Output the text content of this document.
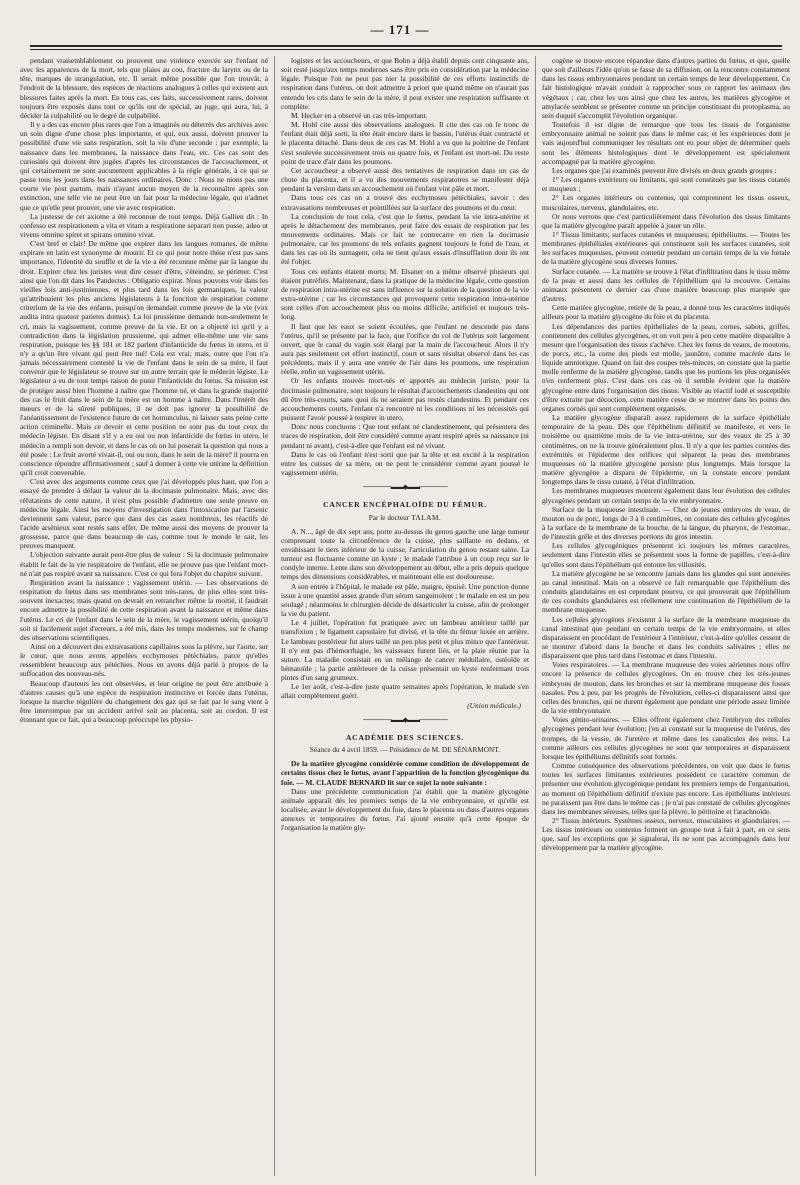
— 171 —

pendant vraisemblablement ou prouvent une violence exercée sur l'enfant né avec les apparences de la mort, tels que plaies au cou, fracture du larynx ou de la tête, marques de strangulation, etc. Il serait même possible que l'on trouvât, à l'endroit de la blessure, des espèces de réactions analogues à celles qui existent aux blessures faites après la mort. En tous cas, ces faits, successivement rares, doivent toujours être exposés dans tout ce qu'ils ont de spécial, au juge, qui aura, lui, à décider la culpabilité ou le degré de culpabilité.

Il y a des cas encore plus rares que l'on a imaginés ou déterrés des archives avec un soin digne d'une chose plus importante, et qui, eux aussi, doivent prouver la possibilité d'une vie sans respiration, soit la vie d'une seconde : par exemple, la naissance dans les membranes, la naissance dans l'eau, etc. Ces cas sont des curiosités qui doivent être jugées d'après les circonstances de l'accouchement, et qui certainement ne sont aucunement applicables à la règle générale, à ce qui se passe tous les jours dans les naissances ordinaires. Donc : Nous ne nions pas une courte vie post partum, mais n'ayant aucun moyen de la reconnaître après son extinction, une telle vie ne peut être un fait pour la médecine légale, qui n'admet que ce qu'elle peut prouver, une vie avec respiration.

La justesse de cet axiome a été reconnue de tout temps. Déjà Gallien dit : In confesso est respirationem a vita et vitam a respiratione separari non posse, adeo ut vivens omnino spiret et spirans omnino vivat.

C'est bref et clair! De même que expirer dans les langues romanes, de même expirare en latin est synonyme de mourir. Et ce qui pour notre thèse n'est pas sans importance, l'identité du souffle et de la vie a été reconnue même par la langue du droit. Expirer chez les juristes veut dire cesser d'être, s'éteindre, se périmer. C'est ainsi que l'on dit dans les Pandectes : Obligatio expirat. Nous pouvons voir dans les vieilles lois anti-justiniennes, et plus tard dans les lois germaniques, la valeur qu'attribuaient les plus anciens législateurs à la fonction de respiration comme criterium de la vie des enfants, puisqu'on demandait comme preuve de la vie (vox audita intra quatuor parietes domus). La loi prussienne demande non-seulement le cri, mais la vagissement, comme preuve de la vie. Et on a objecté ici qu'il y a contradiction dans la législation prussienne, qui admet elle-même une vie sans respiration, puisque les §§ 181 et 182 parlent d'infanticide du fœtus in utero, et il n'y a qu'un être vivant qui peut être tué! Cela est vrai; mais, outre que l'on n'a jamais nécessairement contesté la vie de l'enfant dans le sein de sa mère, il faut convenir que le législateur se trouve sur un autre terrain que le médecin légiste. Le législateur a eu de tout temps raison de punir l'infanticide du fœtus. Sa mission est de protéger aussi bien l'homme à naître que l'homme né, et dans la grande majorité des cas le fruit dans le sein de la mère est un homme à naître. Dans l'intérêt des mœurs et de la sûreté publiques, il ne doit pas ignorer la possibilité de l'anéantissement de l'existence future de cet homunculus, ni laisser sans peine cette action criminelle. Mais ce devoir et cette position ne sont pas du tout ceux du médecin légiste. En disant s'il y a eu oui ou non infanticide du fœtus in utero, le médecin a rempli son devoir, et dans le cas où on lui poserait la question qui nous a été posée : Le fruit avorté vivait-il, oui ou non, dans le sein de la mère? il pourra en conscience répondre affirmativement ; sauf à donner à cette vie utérine la définition qu'il croit convenable.

C'est avec des arguments comme ceux que j'ai développés plus haut, que l'on a essayé de prendre à défaut la valeur de la docimasie pulmonaire. Mais, avec des réfutations de cette nature, il n'est plus possible d'admettre une seule preuve en médecine légale. Ainsi les moyens d'investigation dans l'intoxication par l'arsenic deviennent sans valeur, parce que dans des cas assez nombreux, les réactifs de l'acide arsénieux sont restés sans effet. De même aussi des moyens de prouver la grossesse, parce que dans beaucoup de cas, comme tout le monde le sait, les preuves manquent.

L'objection suivante aurait peut-être plus de valeur : Si la docimasie pulmonaire établit le fait de la vie respiratoire de l'enfant, elle ne prouve pas que l'enfant mort-né n'ait pas respiré avant sa naissance. C'est ce qui fera l'objet du chapitre suivant.

Respiration avant la naissance ; vagissement utérin. — Les observations de respiration du fœtus dans ses membranes sont très-rares, de plus elles sont très-souvent inexactes; mais quand on devrait en retrancher même la moitié, il faudrait encore admettre la possibilité de cette respiration avant la naissance et même dans l'utérus. Le cri de l'enfant dans le sein de la mère, le vagissement utérin, quoiqu'il soit si facilement sujet d'erreurs, a été mis, dans les temps modernes, sur le champ des observations scientifiques.

Ainsi on a découvert des extravasations capillaires sous la plèvre, sur l'aorte, sur le cœur, que nous avons appelées ecchymoses pétéchiales, parce qu'elles ressemblent beaucoup aux pétéchies. Nous en avons déjà parlé à propos de la suffocation des nouveau-nés.

Beaucoup d'auteurs les ont observées, et leur origine ne peut être attribuée à d'autres causes qu'à une espèce de respiration instinctive et forcée dans l'utérus, lorsque la marche régulière du changement des gaz qui se fait par le sang vient à être interrompue par un accident arrivé soit au placenta, soit au cordon. Il est étonnant que ce fait, qui a beaucoup préoccupé les physio-

logistes et les accoucheurs, et que Bohn a déjà établi depuis cent cinquante ans, soit resté jusqu'aux temps modernes sans être pris en considération par la médecine légale. Puisque l'on ne peut pas nier la possibilité de ces efforts instinctifs de respiration dans l'utérus, on doit admettre à priori que quand même on n'aurait pas entendu les cris dans le sein de la mère, il peut exister une respiration suffisante et complète.

M. Hecker en a observé un cas très-important.

M. Hohl cite aussi des observations analogues. Il cite des cas où le tronc de l'enfant était déjà sorti, la tête était encore dans le bassin, l'utérus était contracté et le placenta détaché. Dans deux de ces cas M. Hohl a vu que la poitrine de l'enfant s'est soulevée successivement trois ou quatre fois, et l'enfant est mort-né. Du reste point de trace d'air dans les poumons.

Cet accoucheur a observé aussi des tentatives de respiration dans un cas de chute du placenta, et il a vu des mouvements respiratoires se manifester déjà pendant la version dans un accouchement où l'enfant vint pâle et mort.

Dans tous ces cas on a trouvé des ecchymoses pétéchiales, savoir : des extravasations nombreuses et pointillées sur la surface des poumons et du cœur.

La conclusion de tout cela, c'est que le fœtus, pendant la vie intra-utérine et après le détachement des membranes, peut faire des essais de respiration par les mouvements ordinaires. Mais ce fait ne contrecarre en rien la docimasie pulmonaire, car les poumons de tels enfants gagnent toujours le fond de l'eau, et dans les cas où ils surnagent, cela ne tient qu'aux essais d'insufflation dont ils ont été l'objet.

Tous ces enfants étaient morts; M. Elsaner en a même observé plusieurs qui étaient putréfiés. Maintenant, dans la pratique de la médecine légale, cette question de respiration intra-utérine est sans influence sur la solution de la question de la vie extra-utérine ; car les circonstances qui provoquent cette respiration intra-utérine sont celles d'un accouchement plus ou moins difficile, artificiel et toujours très-long.

Il faut que les eaux se soient écoulées, que l'enfant ne descende pas dans l'utérus, qu'il se présente par la face, que l'orifice du col de l'utérus soit largement ouvert, que le canal du vagin soit élargi par la main de l'accoucheur. Alors il n'y aura pas seulement cet effort instinctif, court et sans résultat observé dans les cas précédents, mais il y aura une entrée de l'air dans les poumons, une respiration réelle, enfin un vagissement utérin.

Or les enfants trouvés mort-nés et apportés au médecin juriste, pour la docimasie pulmonaire, sont toujours le résultat d'accouchements clandestins qui ont dû être très-courts, sans quoi ils ne seraient pas restés clandestins. Et pendant ces accouchements courts, l'enfant n'a rencontré ni les conditions ni les nécessités qui puissent l'avoir poussé à respirer in utero.

Donc nous concluons : Que tout enfant né clandestinement, qui présentera des traces de respiration, doit être considéré comme ayant respiré après sa naissance (ni pendant ni avant), c'est-à-dire que l'enfant est né vivant.

Dans le cas où l'enfant n'est sorti que par la tête et est excité à la respiration entre les cuisses de sa mère, on ne peut le considérer comme ayant poussé le vagissement utérin.

───────▬▬◆▬▬───────
CANCER ENCÉPHALOÏDE DU FÉMUR.
Par le docteur TALAM.

A. N..., âgé de dix sept ans, porte au-dessus du genou gauche une large tumeur comprenant toute la circonférence de la cuisse, plus saillante en dedans, et envahissant le tiers inférieur de la cuisse, l'articulation du genou restant saine. La tumeur est fluctuante comme un kyste ; le malade l'attribue à un coup reçu sur le condyle interne. Lente dans son développement au début, elle a pris depuis quelque temps des dimensions considérables, et maintenant elle est douloureuse.

A son entrée à l'hôpital, le malade est pâle, maigre, épuisé. Une ponction donne issue à une quantité assez grande d'un sérum sanguinolent ; le malade en est un peu soulagé ; néanmoins le chirurgien décide de désarticuler la cuisse, afin de prolonger la vie du patient.

Le 4 juillet, l'opération fut pratiquée avec un lambeau antérieur taillé par transfixion ; le ligament capsulaire fut divisé, et la tête du fémur luxée en arrière. Le lambeau postérieur fut alors taillé un peu plus petit et plus mince que l'antérieur. Il n'y eut pas d'hémorrhagie, les vaisseaux furent liés, et la plaie réunie par la suture. La maladie consistait en un mélange de cancer médullaire, ostéoïde et hématoïde ; la partie antérieure de la cuisse présentait un kyste renfermant trois pintes d'un sang grumeux.

Le 1er août, c'est-à-dire juste quatre semaines après l'opération, le malade s'en allait complètement guéri.

(Union médicale.)
───────▬▬◆▬▬───────
ACADÉMIE DES SCIENCES.
Séance du 4 avril 1859. — Présidence de M. DE SÉNARMONT.

De la matière glycogène considérée comme condition de développement de certains tissus chez le fœtus, avant l'apparition de la fonction glycogénique du foie. — M. CLAUDE BERNARD lit sur ce sujet la note suivante :

Dans une précédente communication j'ai établi que la matière glycogène animale apparaît dès les premiers temps de la vie embryonnaire, et qu'elle est localisée, avant le développement du foie, dans le placenta ou dans d'autres organes annexes et temporaires du fœtus. J'ai ajouté ensuite qu'à cette époque de l'organisation la matière gly-

cogène se trouve encore répandue dans d'autres parties du fœtus, et que, quelle que soit d'ailleurs l'idée qu'on se fasse de sa diffusion, on la rencontre constamment dans les tissus embryonnaires pendant un certain temps de leur développement. Ce fait histologique m'avait conduit à rapprocher sous ce rapport les animaux des végétaux ; car, chez les uns ainsi que chez les autres, les matières glycogène et amylacée semblent se présenter comme un principe constituant du protoplasma, au sein duquel s'accomplit l'évolution organique.

Toutefois il est digne de remarque que tous les tissus de l'organisme embryonnaire animal ne soient pas dans le même cas; et les expériences dont je vais aujourd'hui communiquer les résultats ont eu pour objet de déterminer quels sont les éléments histologiques dont le développement est spécialement accompagné par la matière glycogène.

Les organes que j'ai examinés peuvent être divisés en deux grands groupes :

1° Les organes extérieurs ou limitants, qui sont constitués par les tissus cutanés et muqueux ;

2° Les organes intérieurs ou contenus, qui comprennent les tissus osseux, musculaires, nerveux, glandulaires, etc.

Or nous verrons que c'est particulièrement dans l'évolution des tissus limitants que la matière glycogène paraît appelée à jouer un rôle.

1° Tissus limitants; surfaces cutanées et muqueuses; épithéliums. — Toutes les membranes épithéliales extérieures qui constituent soit les surfaces cutanées, soit les surfaces muqueuses, peuvent contenir pendant un certain temps de la vie fœtale de la matière glycogène sous diverses formes.

Surface cutanée. — La matière se trouve à l'état d'infiltration dans le tissu même de la peau et aussi dans les cellules de l'épithélium qui la recouvre. Certains animaux présentent ce dernier cas d'une manière beaucoup plus marquée que d'autres.

Cette matière glycogène, retirée de la peau, a donné tous les caractères indiqués ailleurs pour la matière glycogène du foie et du placenta.

Les dépendances des parties épithéliales de la peau, cornes, sabots, griffes, contiennent des cellules glycogènes, et on voit peu à peu cette matière disparaître à mesure que l'organisation des tissus s'achève. Chez les fœtus de veaux, de moutons, de porcs, etc., la corne des pieds est molle, jaunâtre, comme macérée dans le liquide amniotique. Quand on fait des coupes très-minces, on constate que la partie molle renferme de la matière glycogène, tandis que les portions les plus organisées n'en renferment plus. C'est dans ces cas où il semble évident que la matière glycogène entre dans l'organisation des tissus. Visible au réactif iodé et susceptible d'être extraite par décoction, cette matière cesse de se montrer dans les points des organes cornés qui sont complètement organisés.

La matière glycogène disparaît assez rapidement de la surface épithéliale temporaire de la peau. Dès que l'épithélium définitif se manifeste, et vers le troisième ou quatrième mois de la vie intra-utérine, sur des veaux de 25 à 30 centimètres, on ne la trouve généralement plus. Il n'y a que les parties cornées des extrémités et l'épiderme des orifices qui séparent la peau des membranes muqueuses où la matière glycogène persiste plus longtemps. Mais lorsque la matière glycogène a disparu de l'épiderme, on la constate encore pendant longtemps dans le tissu cutané, à l'état d'infiltration.

Les membranes muqueuses montrent également dans leur évolution des cellules glycogènes pendant un certain temps de la vie embryonnaire.

Surface de la muqueuse intestinale. — Chez de jeunes embryons de veau, de mouton ou de porc, longs de 3 à 6 centimètres, on constate des cellules glycogènes à la surface de la membrane de la bouche, de la langue, du pharynx, de l'estomac, de l'intestin grêle et des diverses portions du gros intestin.

Les cellules glycogéniques présentent ici toujours les mêmes caractères, seulement dans l'intestin elles se présentent sous la forme de papilles, c'est-à-dire qu'elles sont dans l'épithélium qui entoure les villosités.

La matière glycogène ne se rencontre jamais dans les glandes qui sont annexées au canal intestinal. Mais on a observé ce fait remarquable que l'épithélium des conduits glandulaires en est cependant pourvu, ce qui prouverait que l'épithélium de ces conduits glandulaires est réellement une continuation de l'épithélium de la membrane muqueuse.

Les cellules glycogènes n'existent à la surface de la membrane muqueuse du canal intestinal que pendant un certain temps de la vie embryonnaire, et elles disparaissent en procédant de l'extérieur à l'intérieur, c'est-à-dire qu'elles cessent de se montrer d'abord dans la bouche et dans les conduits salivaires ; elles ne disparaissent que plus tard dans l'estomac et dans l'intestin.

Voies respiratoires. — La membrane muqueuse des voies aériennes nous offre encore la présence de cellules glycogènes. On en trouve chez les très-jeunes embryons de mouton, dans les bronches et sur la membrane muqueuse des fosses nasales. Peu à peu, par les progrès de l'évolution, celles-ci disparaissent ainsi que celles des bronches, qui ne durent également que pendant une période assez limitée de la vie embryonnaire.

Voies génito-urinaires. — Elles offrent également chez l'embryon des cellules glycogènes pendant leur évolution; j'en ai constaté sur la muqueuse de l'utérus, des trompes, de la vessie, de l'uretère et même dans les canalicules des reins. La comme ailleurs ces cellules glycogènes ne sont que temporaires et disparaissent lorsque les épithéliums définitifs sont formés.

Comme conséquence des observations précédentes, on voit que dans le fœtus toutes les surfaces limitantes extérieures possèdent ce caractère commun de présenter une évolution glycogénique pendant les premiers temps de l'organisation, au moment où l'épithélium définitif n'existe pas encore. Les épithéliums intérieurs ne paraissent pas être dans le même cas ; je n'ai pas constaté de cellules glycogènes dans les membranes séreuses, telles que la plèvre, le péritoine et l'arachnoïde.

2° Tissus intérieurs. Systèmes osseux, nerveux, musculaires et glandulaires. — Les tissus intérieurs ou contenus forment un groupe tout à fait à part, en ce sens que, sauf les exceptions que je signalerai, ils ne sont pas accompagnés dans leur développement par la matière glycogène.
